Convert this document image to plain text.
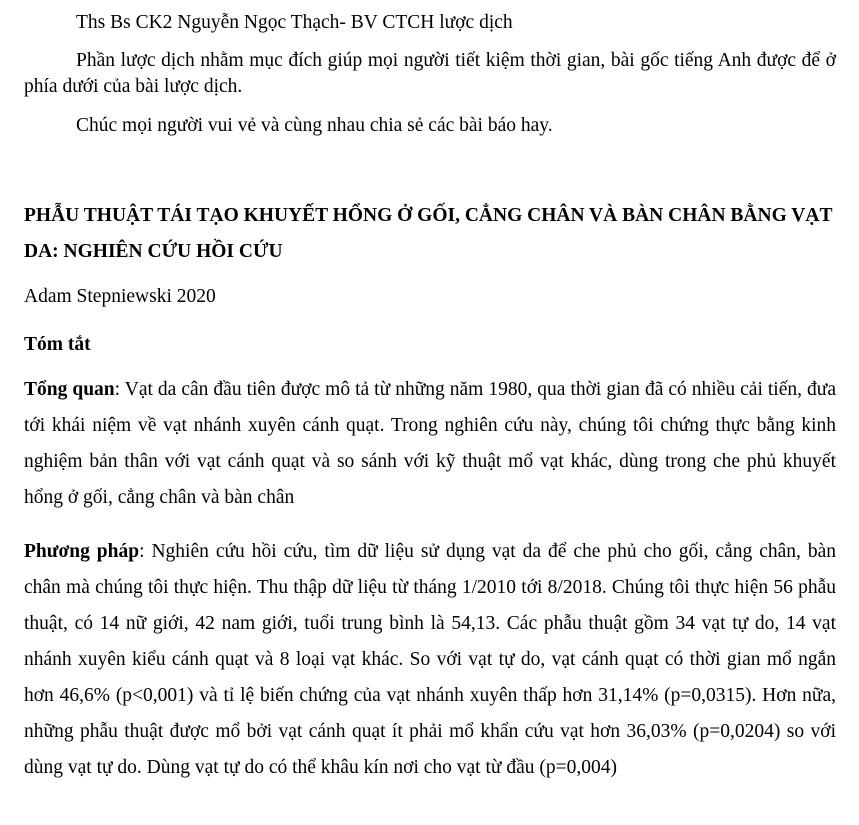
Ths Bs CK2 Nguyễn Ngọc Thạch- BV CTCH lược dịch

Phần lược dịch nhằm mục đích giúp mọi người tiết kiệm thời gian, bài gốc tiếng Anh được để ở phía dưới của bài lược dịch.

Chúc mọi người vui vẻ và cùng nhau chia sẻ các bài báo hay.

PHẪU THUẬT TÁI TẠO KHUYẾT HỔNG Ở GỐI, CẲNG CHÂN VÀ BÀN CHÂN BẰNG VẠT DA: NGHIÊN CỨU HỒI CỨU

Adam Stepniewski 2020

Tóm tắt

Tổng quan: Vạt da cân đầu tiên được mô tả từ những năm 1980, qua thời gian đã có nhiều cải tiến, đưa tới khái niệm về vạt nhánh xuyên cánh quạt. Trong nghiên cứu này, chúng tôi chứng thực bằng kinh nghiệm bản thân với vạt cánh quạt và so sánh với kỹ thuật mổ vạt khác, dùng trong che phủ khuyết hổng ở gối, cẳng chân và bàn chân

Phương pháp: Nghiên cứu hồi cứu, tìm dữ liệu sử dụng vạt da để che phủ cho gối, cẳng chân, bàn chân mà chúng tôi thực hiện. Thu thập dữ liệu từ tháng 1/2010 tới 8/2018. Chúng tôi thực hiện 56 phẫu thuật, có 14 nữ giới, 42 nam giới, tuổi trung bình là 54,13. Các phẫu thuật gồm 34 vạt tự do, 14 vạt nhánh xuyên kiểu cánh quạt và 8 loại vạt khác. So với vạt tự do, vạt cánh quạt có thời gian mổ ngắn hơn 46,6% (p<0,001) và tỉ lệ biến chứng của vạt nhánh xuyên thấp hơn 31,14% (p=0,0315). Hơn nữa, những phẫu thuật được mổ bởi vạt cánh quạt ít phải mổ khẩn cứu vạt hơn 36,03% (p=0,0204) so với dùng vạt tự do. Dùng vạt tự do có thể khâu kín nơi cho vạt từ đầu (p=0,004)
